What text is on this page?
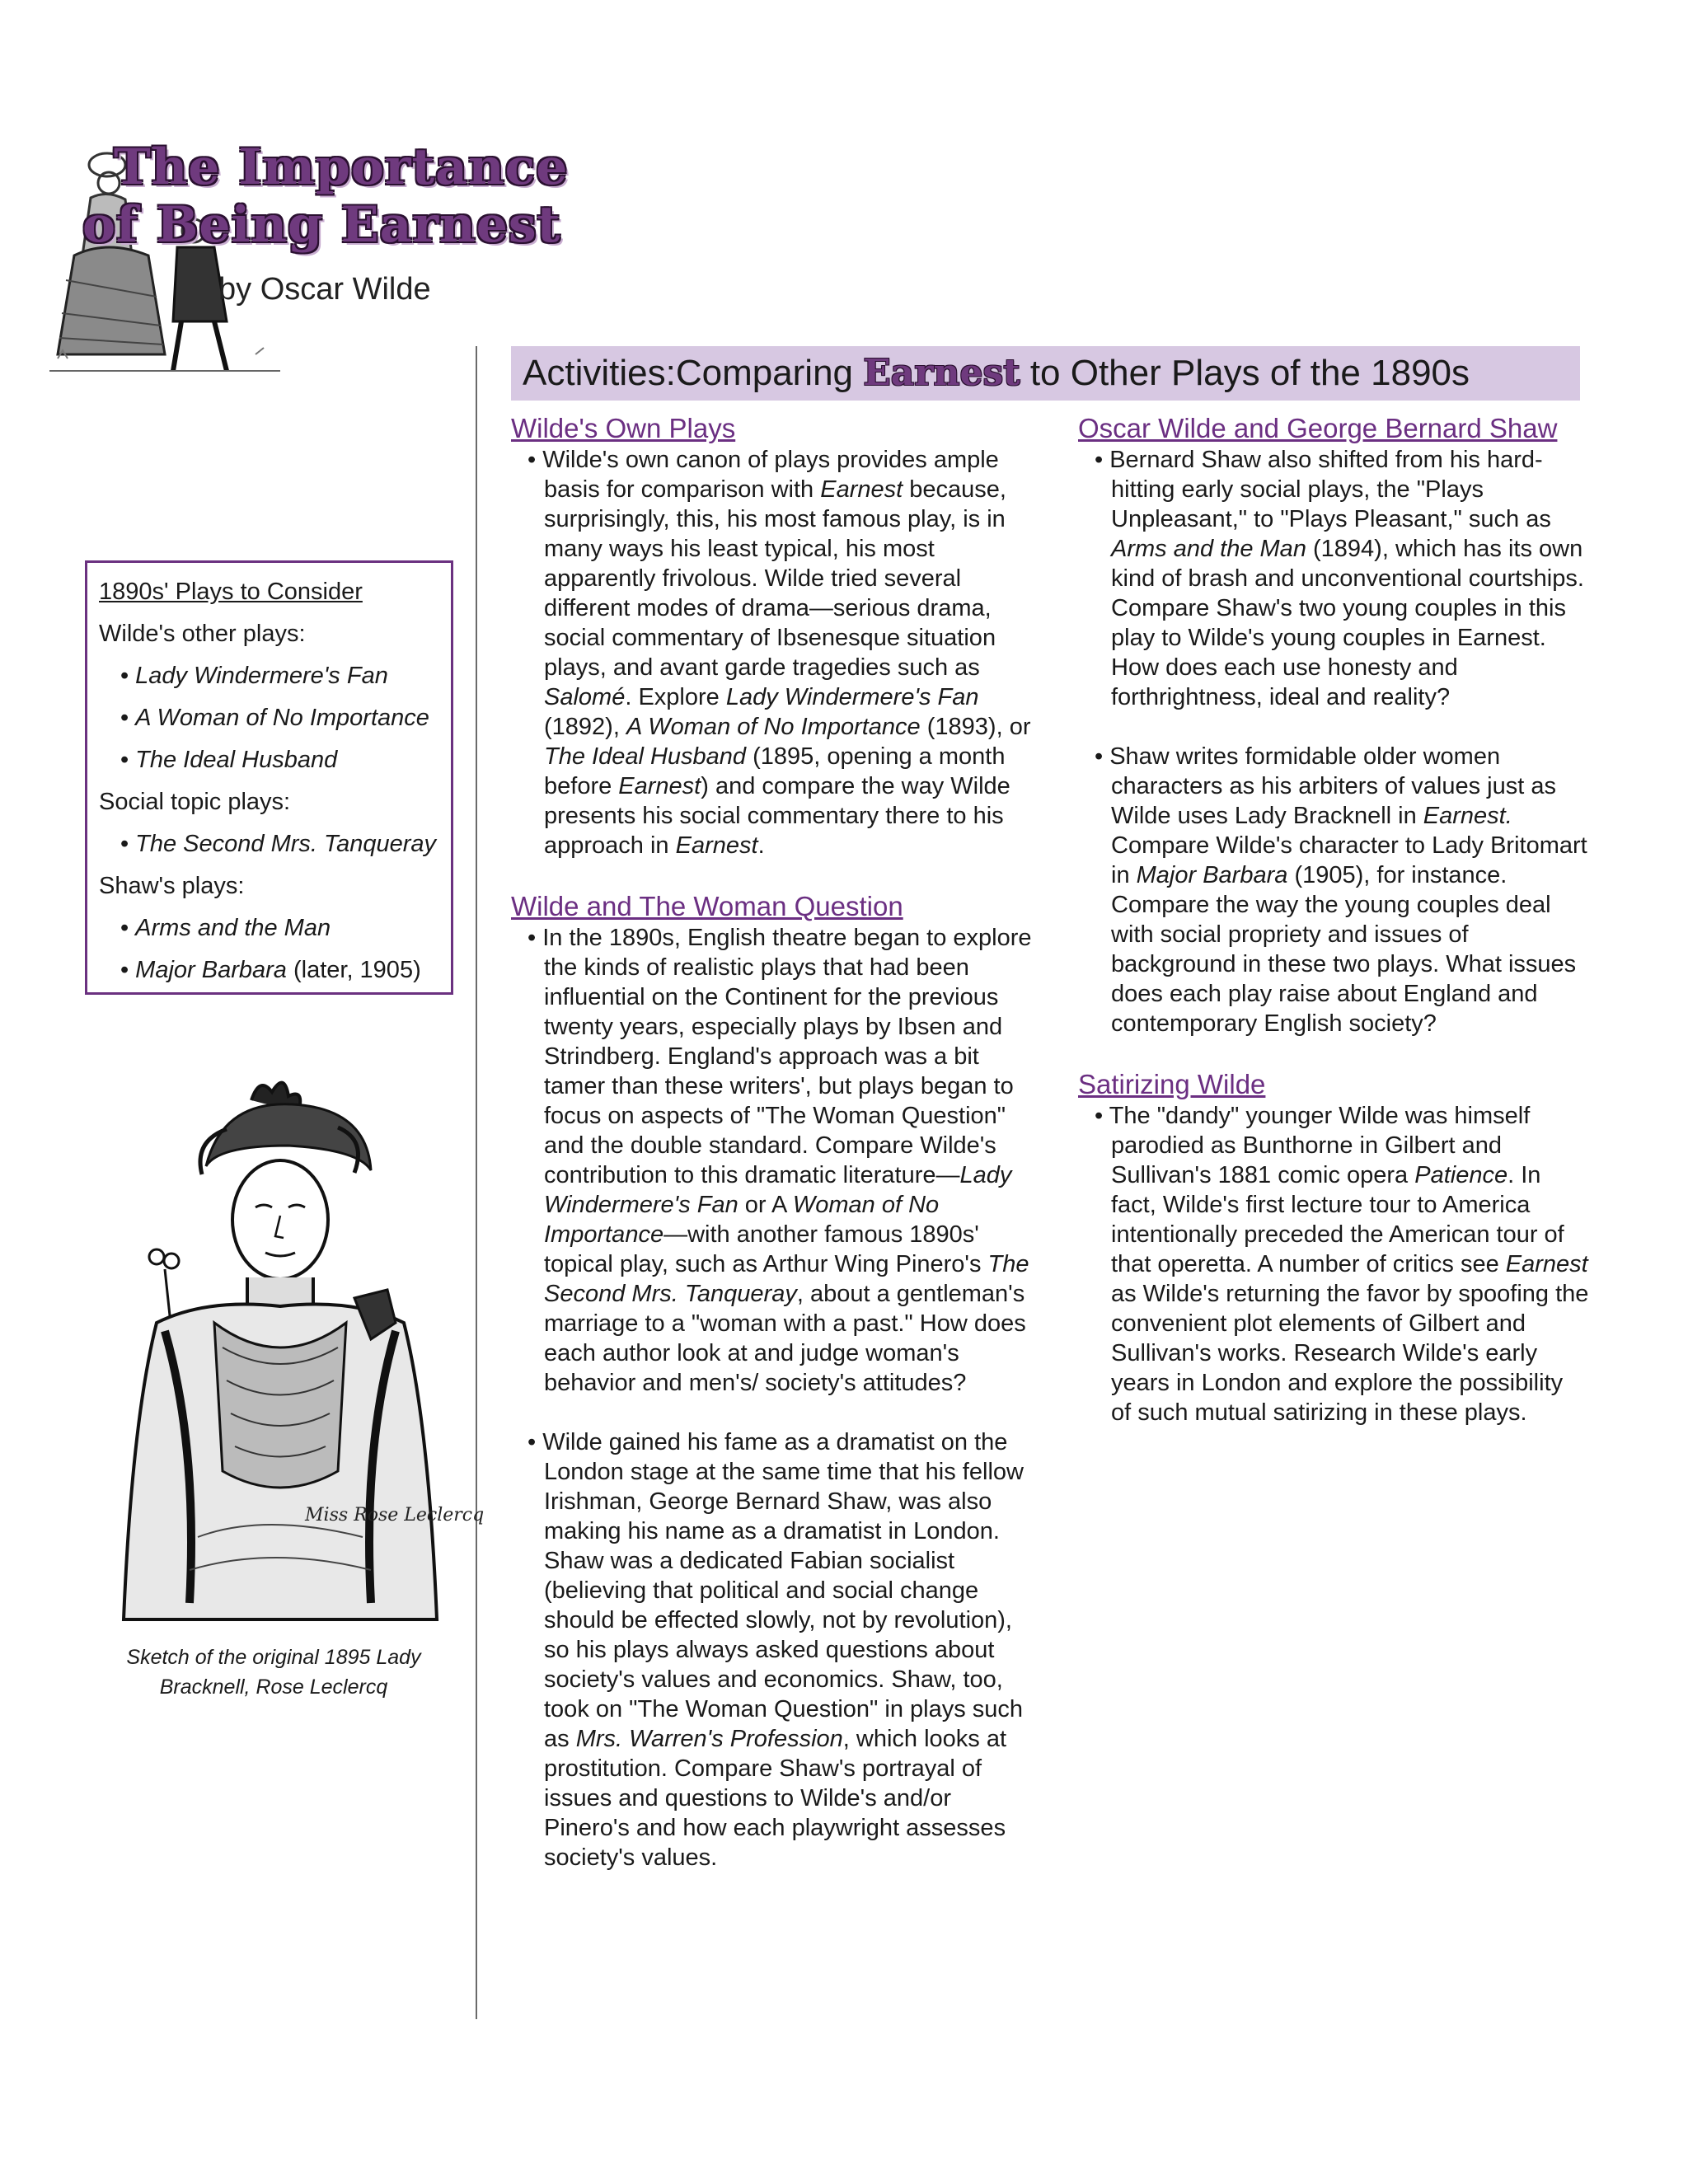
The Importance
of Being Earnest
by Oscar Wilde
1890s' Plays to Consider
Wilde's other plays:
• Lady Windermere's Fan
• A Woman of No Importance
• The Ideal Husband
Social topic plays:
• The Second Mrs. Tanqueray
Shaw's plays:
• Arms and the Man
• Major Barbara (later, 1905)
Miss Rose Leclercq
Sketch of the original 1895 Lady Bracknell, Rose Leclercq
Activities:Comparing Earnest to Other Plays of the 1890s
Wilde's Own Plays

• Wilde's own canon of plays provides ample basis for comparison with Earnest because, surprisingly, this, his most famous play, is in many ways his least typical, his most apparently frivolous. Wilde tried several different modes of drama—serious drama, social commentary of Ibsenesque situation plays, and avant garde tragedies such as Salomé. Explore Lady Windermere's Fan (1892), A Woman of No Importance (1893), or The Ideal Husband (1895, opening a month before Earnest) and compare the way Wilde presents his social commentary there to his approach in Earnest.

Wilde and The Woman Question

• In the 1890s, English theatre began to explore the kinds of realistic plays that had been influential on the Continent for the previous twenty years, especially plays by Ibsen and Strindberg. England's approach was a bit tamer than these writers', but plays began to focus on aspects of "The Woman Question" and the double standard. Compare Wilde's contribution to this dramatic literature—Lady Windermere's Fan or A Woman of No Importance—with another famous 1890s' topical play, such as Arthur Wing Pinero's The Second Mrs. Tanqueray, about a gentleman's marriage to a "woman with a past." How does each author look at and judge woman's behavior and men's/ society's attitudes?

• Wilde gained his fame as a dramatist on the London stage at the same time that his fellow Irishman, George Bernard Shaw, was also making his name as a dramatist in London. Shaw was a dedicated Fabian socialist (believing that political and social change should be effected slowly, not by revolution), so his plays always asked questions about society's values and economics. Shaw, too, took on "The Woman Question" in plays such as Mrs. Warren's Profession, which looks at prostitution. Compare Shaw's portrayal of issues and questions to Wilde's and/or Pinero's and how each playwright assesses society's values.

Oscar Wilde and George Bernard Shaw

• Bernard Shaw also shifted from his hard-hitting early social plays, the "Plays Unpleasant," to "Plays Pleasant," such as Arms and the Man (1894), which has its own kind of brash and unconventional courtships. Compare Shaw's two young couples in this play to Wilde's young couples in Earnest. How does each use honesty and forthrightness, ideal and reality?

• Shaw writes formidable older women characters as his arbiters of values just as Wilde uses Lady Bracknell in Earnest. Compare Wilde's character to Lady Britomart in Major Barbara (1905), for instance. Compare the way the young couples deal with social propriety and issues of background in these two plays. What issues does each play raise about England and contemporary English society?

Satirizing Wilde

• The "dandy" younger Wilde was himself parodied as Bunthorne in Gilbert and Sullivan's 1881 comic opera Patience. In fact, Wilde's first lecture tour to America intentionally preceded the American tour of that operetta. A number of critics see Earnest as Wilde's returning the favor by spoofing the convenient plot elements of Gilbert and Sullivan's works. Research Wilde's early years in London and explore the possibility of such mutual satirizing in these plays.
